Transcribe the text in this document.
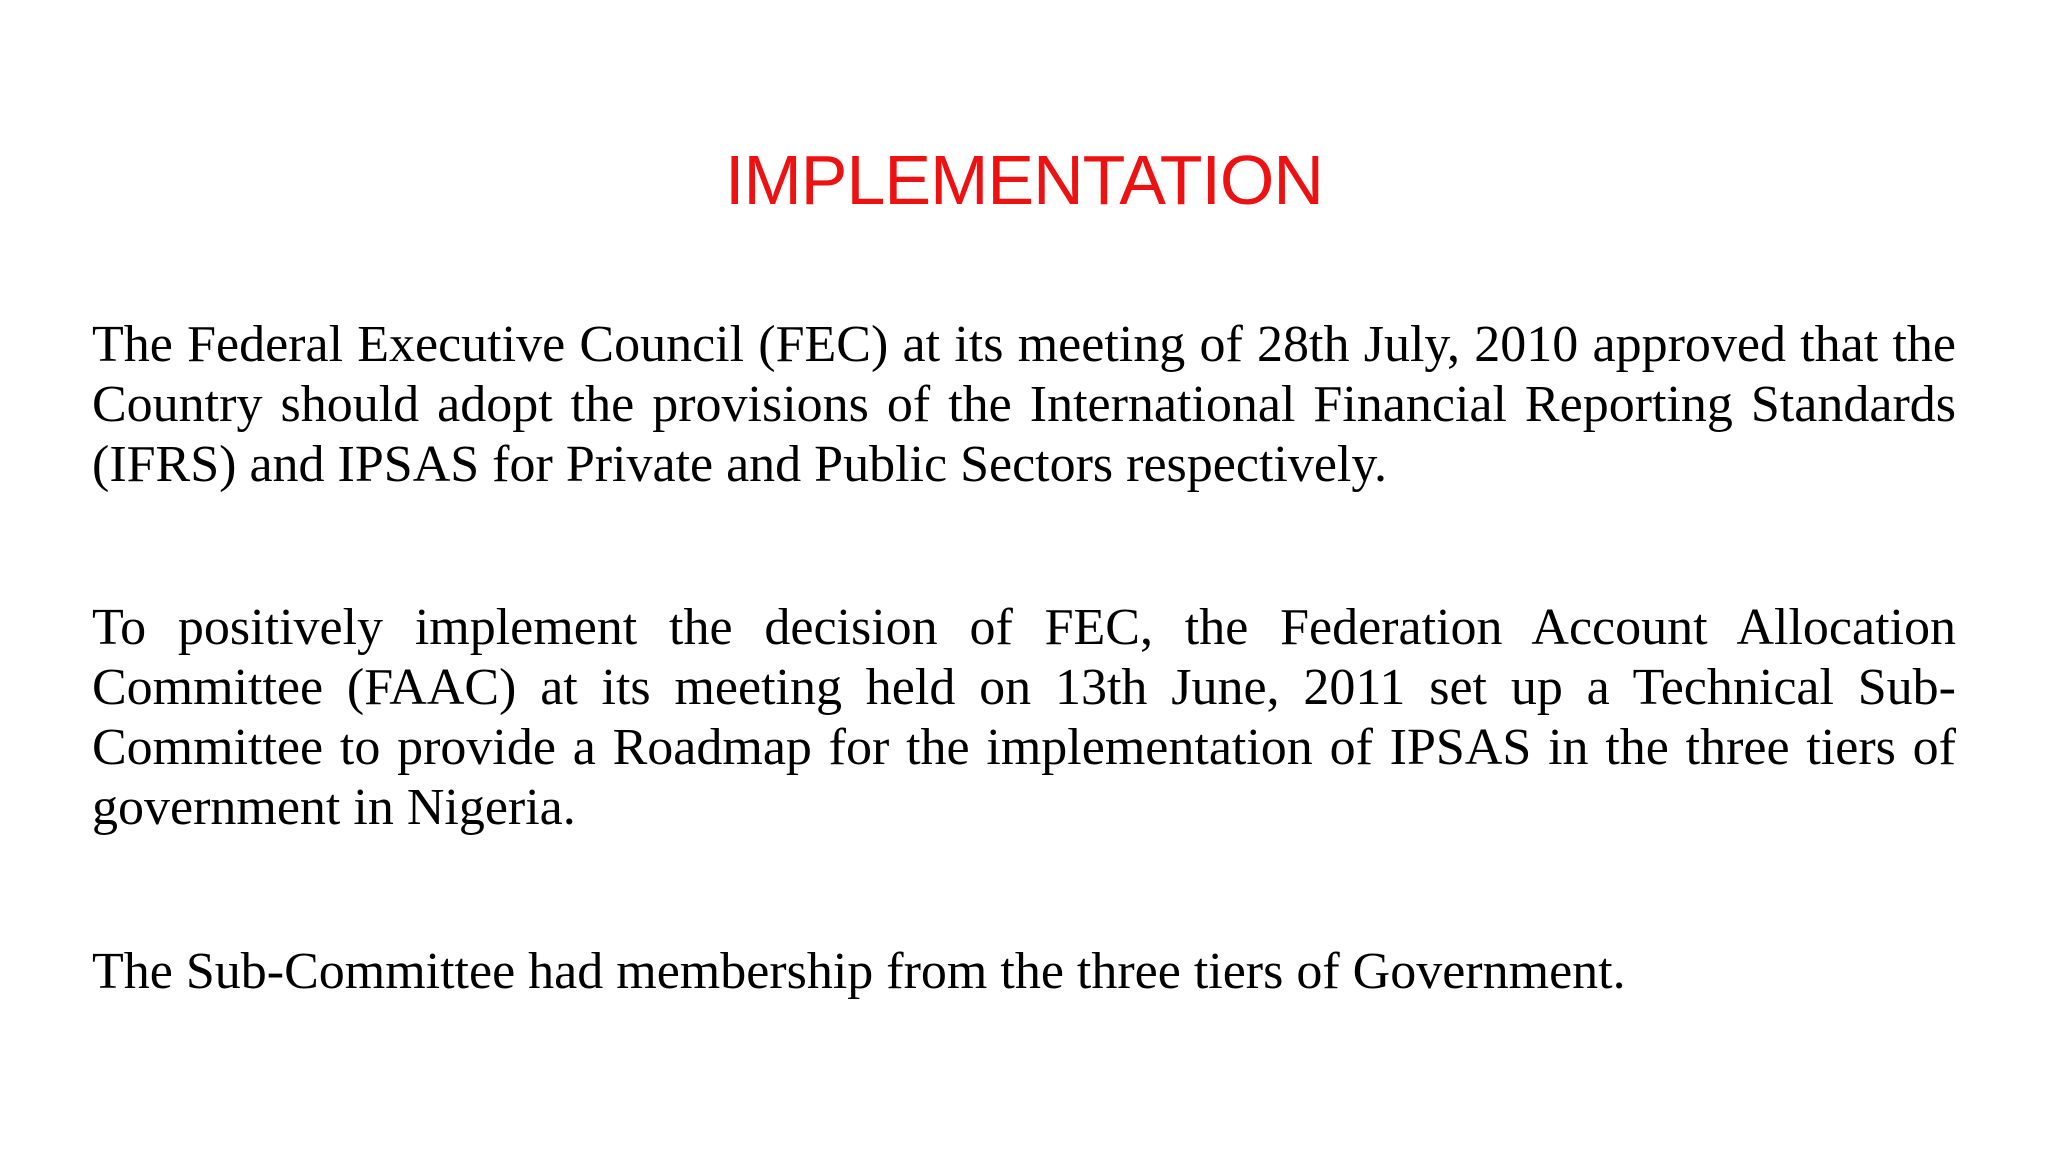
IMPLEMENTATION

The Federal Executive Council (FEC) at its meeting of 28th July, 2010 approved that the Country should adopt the provisions of the International Financial Reporting Standards (IFRS) and IPSAS for Private and Public Sectors respectively.

To positively implement the decision of FEC, the Federation Account Allocation Committee (FAAC) at its meeting held on 13th June, 2011 set up a Technical Sub-Committee to provide a Roadmap for the implementation of IPSAS in the three tiers of government in Nigeria.

The Sub-Committee had membership from the three tiers of Government.
